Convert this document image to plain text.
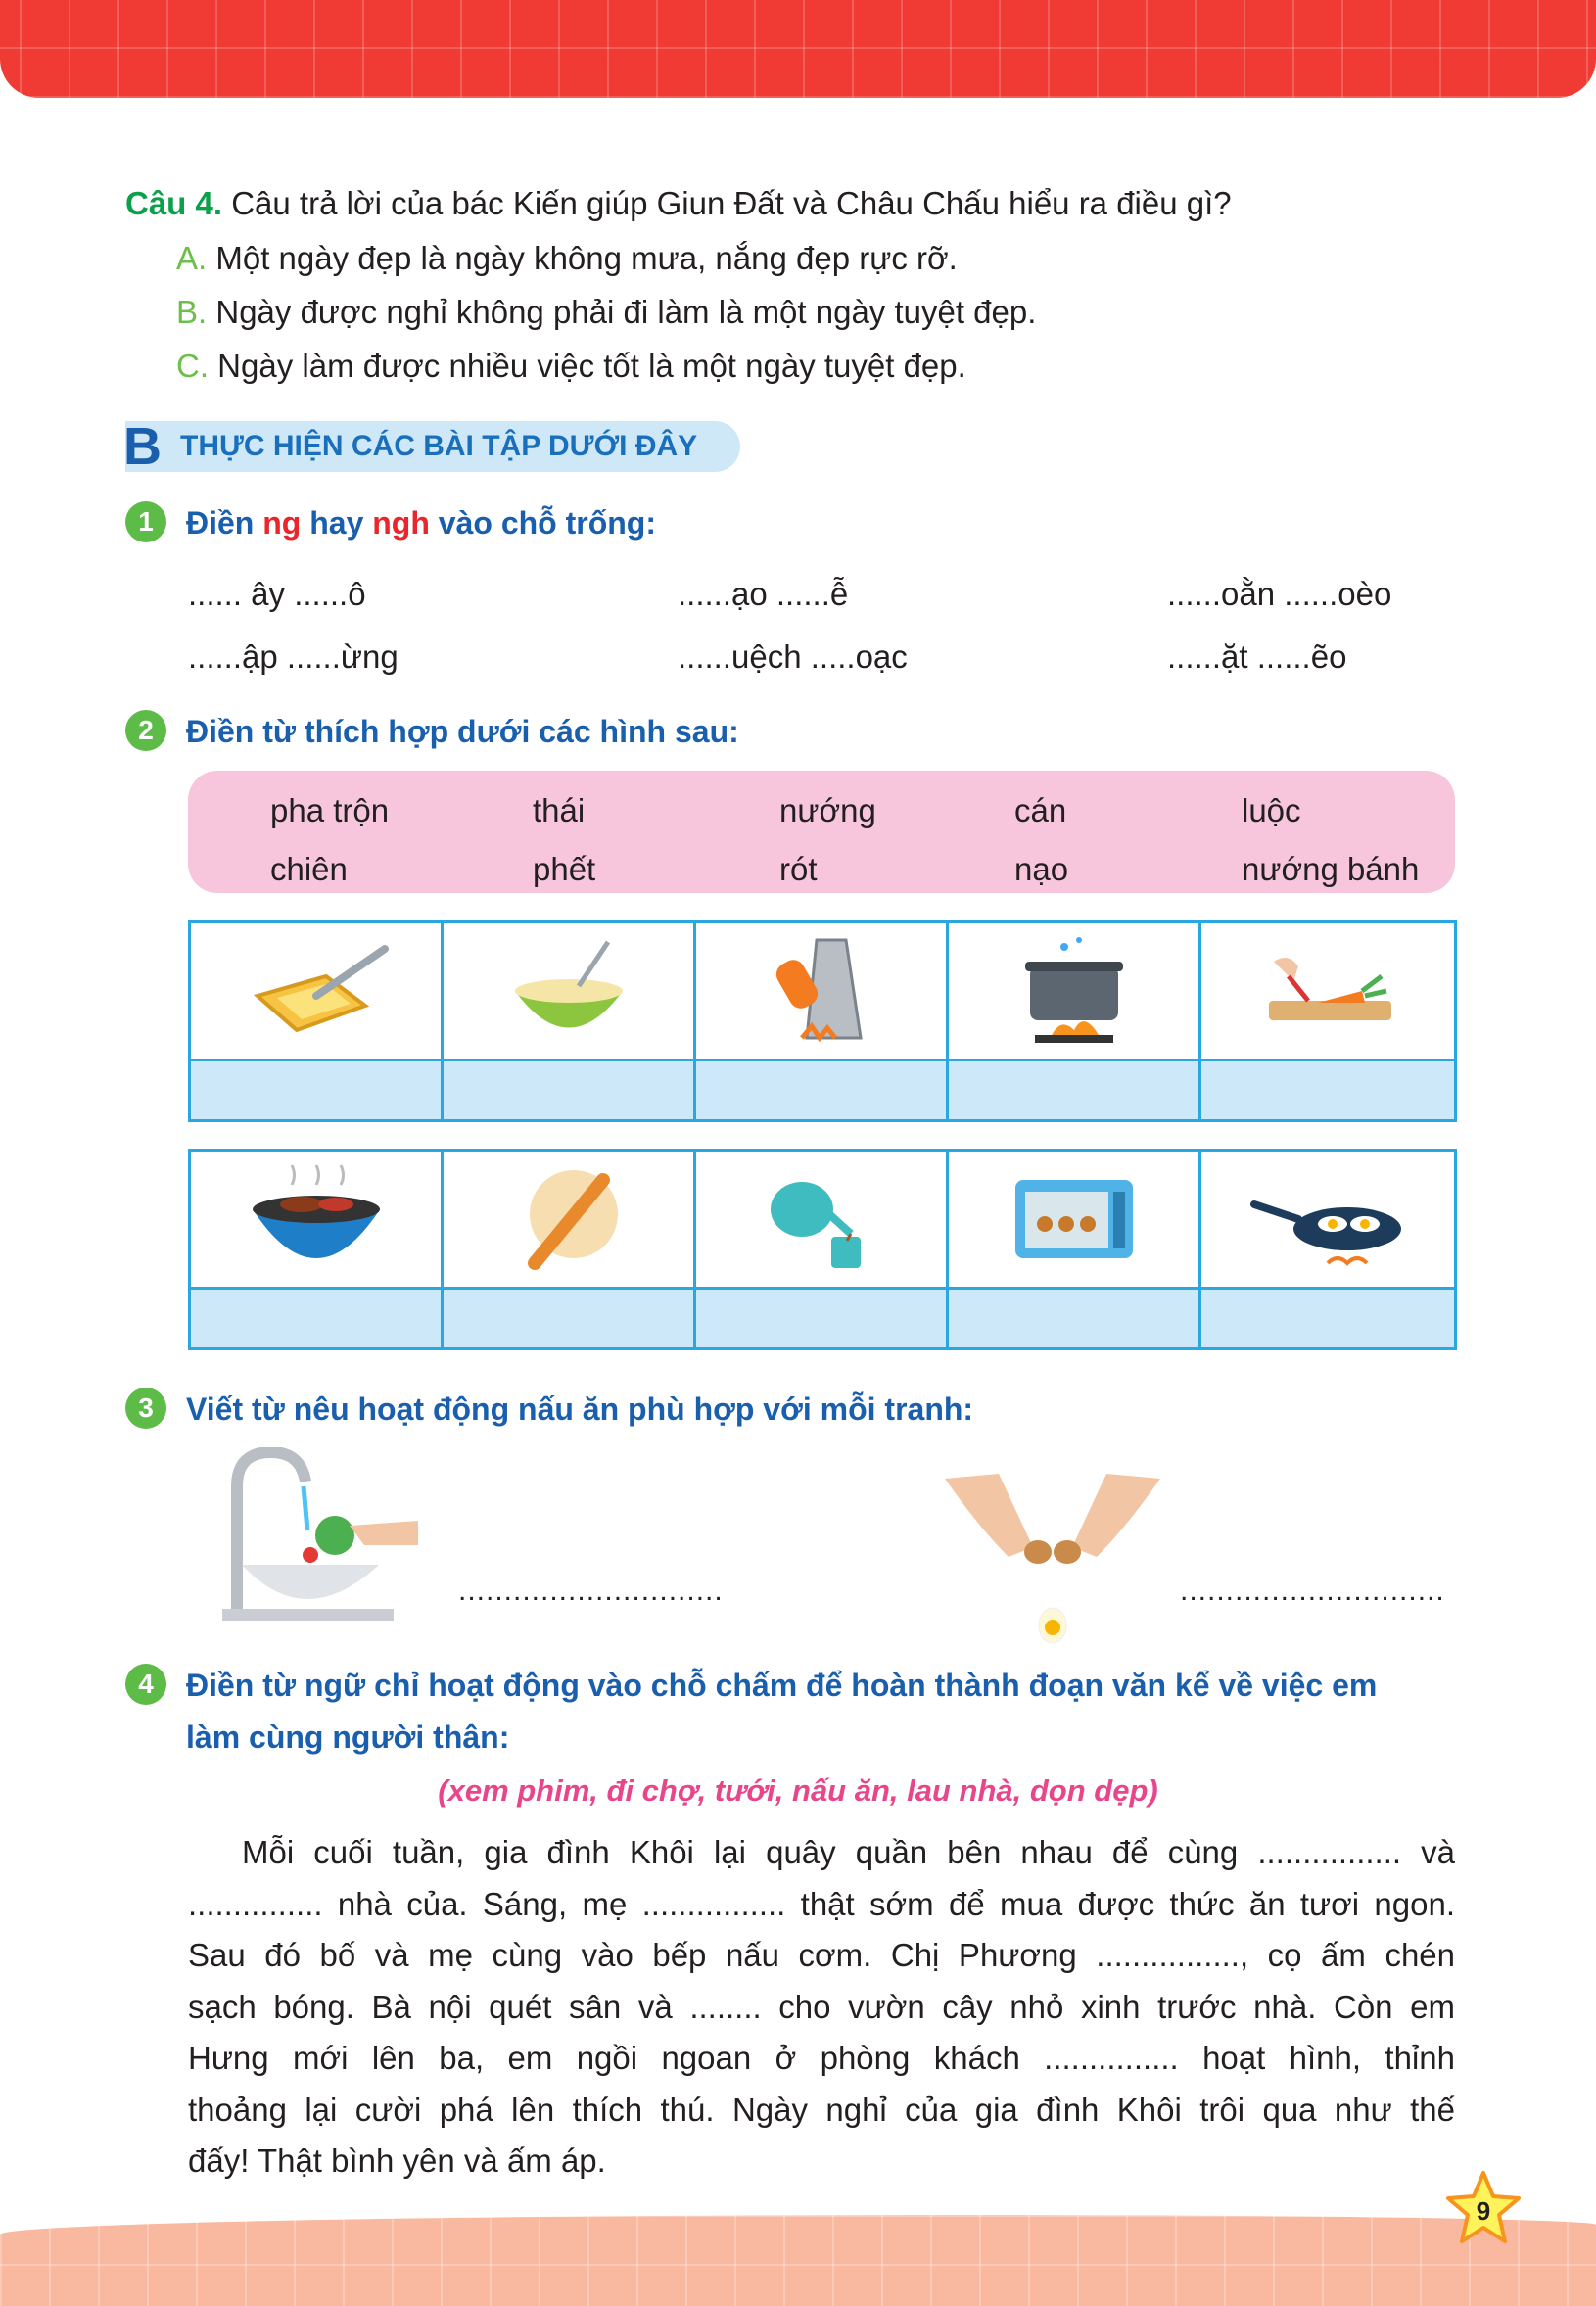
Câu 4. Câu trả lời của bác Kiến giúp Giun Đất và Châu Chấu hiểu ra điều gì?
A. Một ngày đẹp là ngày không mưa, nắng đẹp rực rỡ.
B. Ngày được nghỉ không phải đi làm là một ngày tuyệt đẹp.
C. Ngày làm được nhiều việc tốt là một ngày tuyệt đẹp.
B THỰC HIỆN CÁC BÀI TẬP DƯỚI ĐÂY
1	Điền ng hay ngh vào chỗ trống:
...... ây ......ô	......ạo ......ễ	......oằn ......oèo
......ập ......ừng	......uệch .....oạc	......ặt ......ẽo
2	Điền từ thích hợp dưới các hình sau:
pha trộn	thái	nướng	cán	luộc
chiên	phết	rót	nạo	nướng bánh
3	Viết từ nêu hoạt động nấu ăn phù hợp với mỗi tranh:
.............................	.............................
4	Điền từ ngữ chỉ hoạt động vào chỗ chấm để hoàn thành đoạn văn kể về việc em
làm cùng người thân:
(xem phim, đi chợ, tưới, nấu ăn, lau nhà, dọn dẹp)
Mỗi cuối tuần, gia đình Khôi lại quây quần bên nhau để cùng ................ và
............... nhà của. Sáng, mẹ ................ thật sớm để mua được thức ăn tươi ngon.
Sau đó bố và mẹ cùng vào bếp nấu cơm. Chị Phương ................, cọ ấm chén
sạch bóng. Bà nội quét sân và ........ cho vườn cây nhỏ xinh trước nhà. Còn em
Hưng mới lên ba, em ngồi ngoan ở phòng khách ............... hoạt hình, thỉnh
thoảng lại cười phá lên thích thú. Ngày nghỉ của gia đình Khôi trôi qua như thế
đấy! Thật bình yên và ấm áp.
9
